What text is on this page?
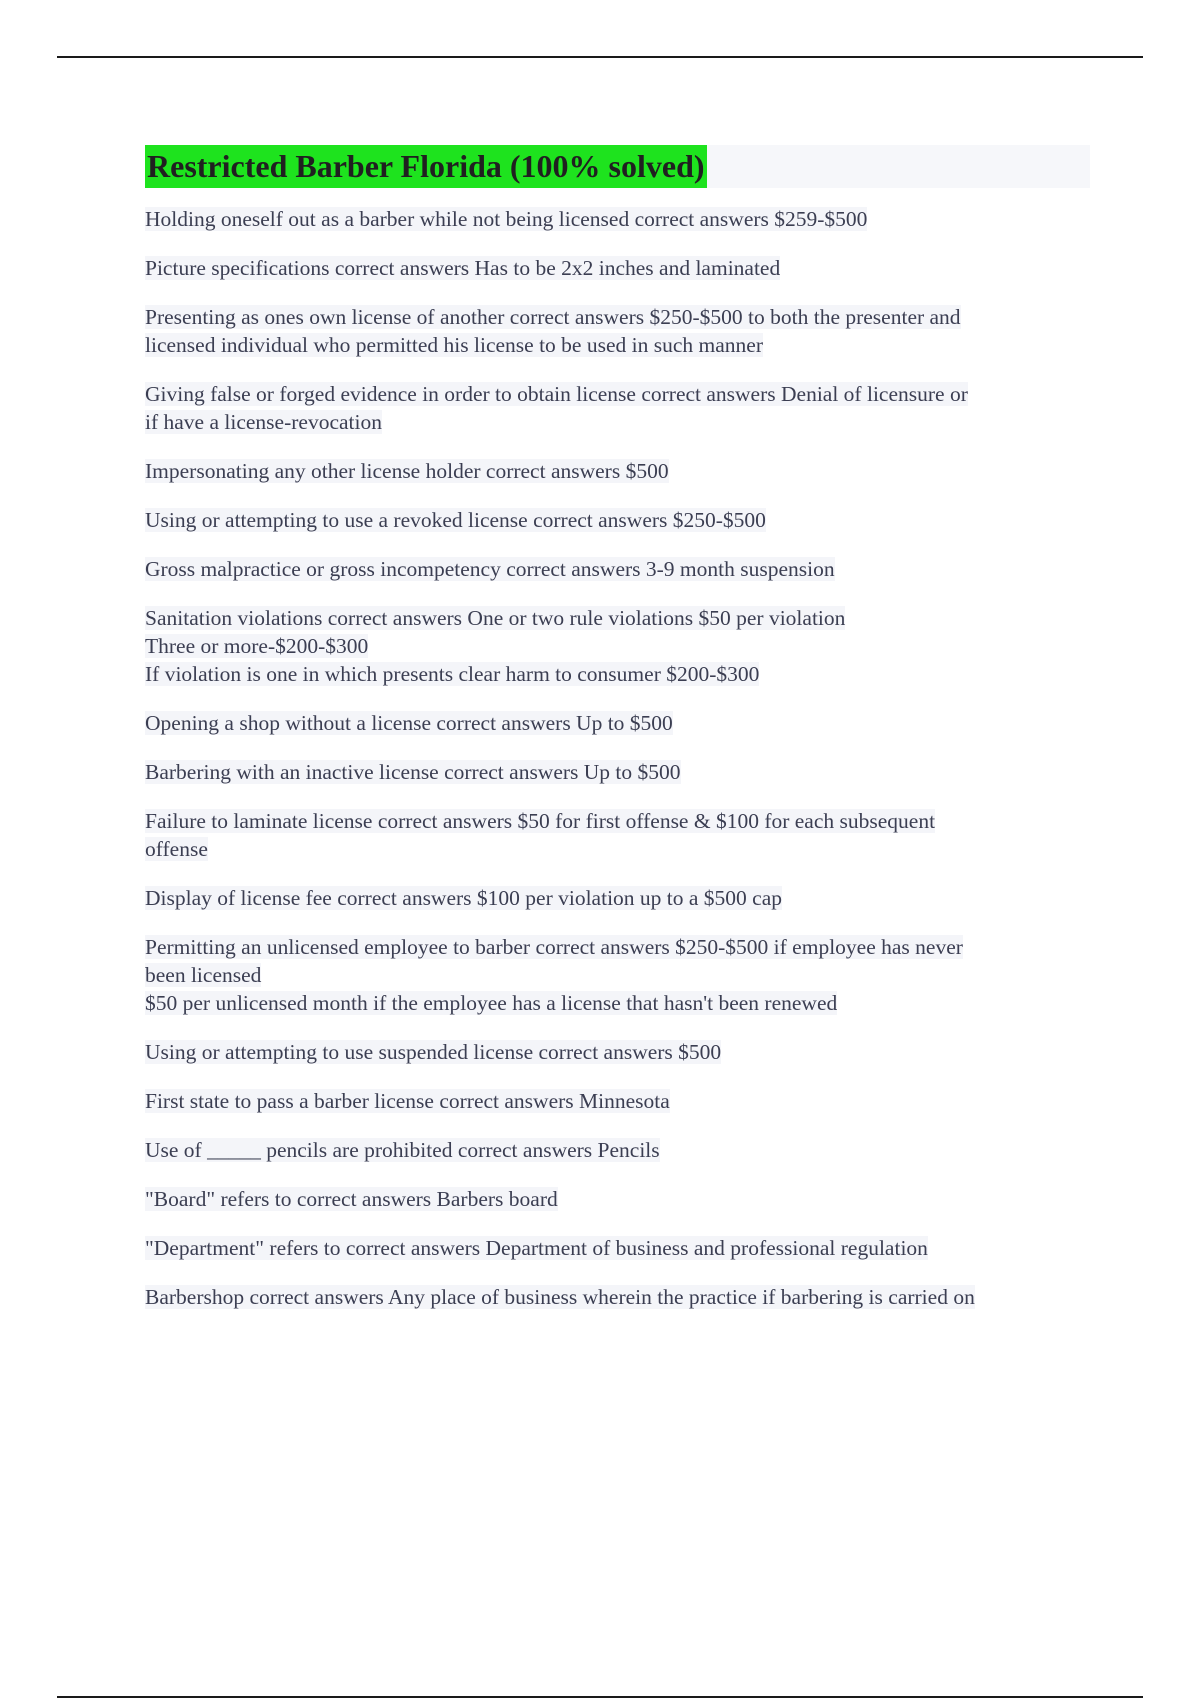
Restricted Barber Florida (100% solved)
Holding oneself out as a barber while not being licensed correct answers $259-$500
Picture specifications correct answers Has to be 2x2 inches and laminated
Presenting as ones own license of another correct answers $250-$500 to both the presenter and
licensed individual who permitted his license to be used in such manner
Giving false or forged evidence in order to obtain license correct answers Denial of licensure or
if have a license-revocation
Impersonating any other license holder correct answers $500
Using or attempting to use a revoked license correct answers $250-$500
Gross malpractice or gross incompetency correct answers 3-9 month suspension
Sanitation violations correct answers One or two rule violations $50 per violation
Three or more-$200-$300
If violation is one in which presents clear harm to consumer $200-$300
Opening a shop without a license correct answers Up to $500
Barbering with an inactive license correct answers Up to $500
Failure to laminate license correct answers $50 for first offense & $100 for each subsequent
offense
Display of license fee correct answers $100 per violation up to a $500 cap
Permitting an unlicensed employee to barber correct answers $250-$500 if employee has never
been licensed
$50 per unlicensed month if the employee has a license that hasn't been renewed
Using or attempting to use suspended license correct answers $500
First state to pass a barber license correct answers Minnesota
Use of _____ pencils are prohibited correct answers Pencils
"Board" refers to correct answers Barbers board
"Department" refers to correct answers Department of business and professional regulation
Barbershop correct answers Any place of business wherein the practice if barbering is carried on
